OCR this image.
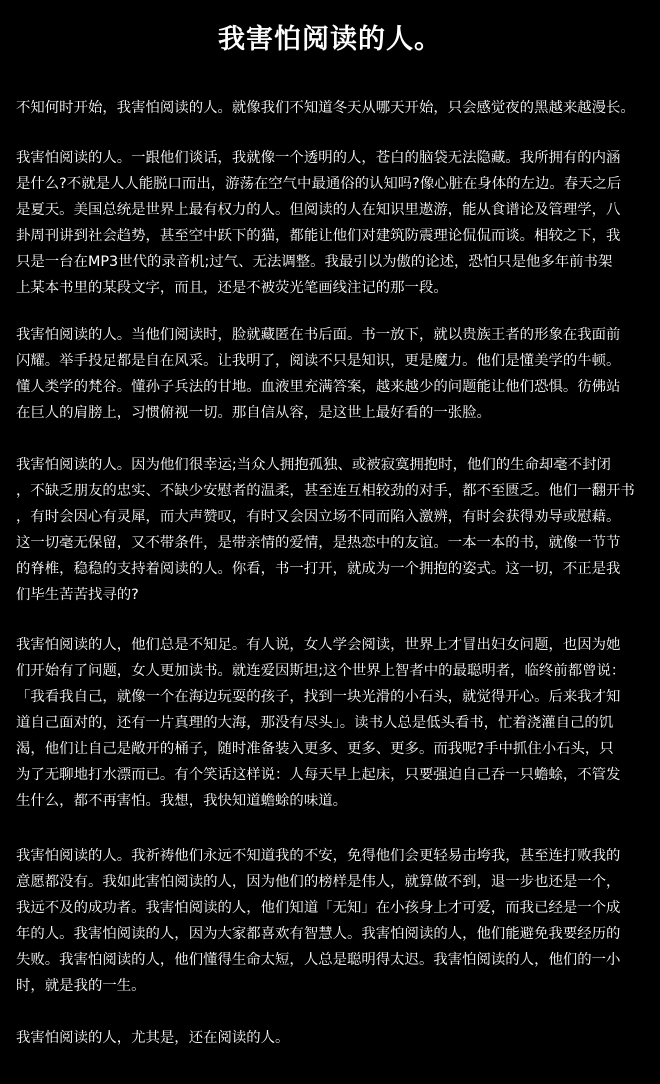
我害怕阅读的人。

不知何时开始，我害怕阅读的人。就像我们不知道冬天从哪天开始，只会感觉夜的黑越来越漫长。

我害怕阅读的人。一跟他们谈话，我就像一个透明的人，苍白的脑袋无法隐藏。我所拥有的内涵
是什么?不就是人人能脱口而出，游荡在空气中最通俗的认知吗?像心脏在身体的左边。春天之后
是夏天。美国总统是世界上最有权力的人。但阅读的人在知识里遨游，能从食谱论及管理学，八
卦周刊讲到社会趋势，甚至空中跃下的猫，都能让他们对建筑防震理论侃侃而谈。相较之下，我
只是一台在MP3世代的录音机;过气、无法调整。我最引以为傲的论述，恐怕只是他多年前书架
上某本书里的某段文字，而且，还是不被荧光笔画线注记的那一段。

我害怕阅读的人。当他们阅读时，脸就藏匿在书后面。书一放下，就以贵族王者的形象在我面前
闪耀。举手投足都是自在风采。让我明了，阅读不只是知识，更是魔力。他们是懂美学的牛顿。
懂人类学的梵谷。懂孙子兵法的甘地。血液里充满答案，越来越少的问题能让他们恐惧。彷佛站
在巨人的肩膀上，习惯俯视一切。那自信从容，是这世上最好看的一张脸。

我害怕阅读的人。因为他们很幸运;当众人拥抱孤独、或被寂寞拥抱时，他们的生命却毫不封闭
，不缺乏朋友的忠实、不缺少安慰者的温柔，甚至连互相较劲的对手，都不至匮乏。他们一翻开书
，有时会因心有灵犀，而大声赞叹，有时又会因立场不同而陷入激辨，有时会获得劝导或慰藉。
这一切毫无保留，又不带条件，是带亲情的爱情，是热恋中的友谊。一本一本的书，就像一节节
的脊椎，稳稳的支持着阅读的人。你看，书一打开，就成为一个拥抱的姿式。这一切，不正是我
们毕生苦苦找寻的?

我害怕阅读的人，他们总是不知足。有人说，女人学会阅读，世界上才冒出妇女问题，也因为她
们开始有了问题，女人更加读书。就连爱因斯坦;这个世界上智者中的最聪明者，临终前都曾说：
「我看我自己，就像一个在海边玩耍的孩子，找到一块光滑的小石头，就觉得开心。后来我才知
道自己面对的，还有一片真理的大海，那没有尽头」。读书人总是低头看书，忙着浇灌自己的饥
渴，他们让自己是敞开的桶子，随时准备装入更多、更多、更多。而我呢?手中抓住小石头，只
为了无聊地打水漂而已。有个笑话这样说：人每天早上起床，只要强迫自己吞一只蟾蜍，不管发
生什么，都不再害怕。我想，我快知道蟾蜍的味道。

我害怕阅读的人。我祈祷他们永远不知道我的不安，免得他们会更轻易击垮我，甚至连打败我的
意愿都没有。我如此害怕阅读的人，因为他们的榜样是伟人，就算做不到，退一步也还是一个，
我远不及的成功者。我害怕阅读的人，他们知道「无知」在小孩身上才可爱，而我已经是一个成
年的人。我害怕阅读的人，因为大家都喜欢有智慧人。我害怕阅读的人，他们能避免我要经历的
失败。我害怕阅读的人，他们懂得生命太短，人总是聪明得太迟。我害怕阅读的人，他们的一小
时，就是我的一生。

我害怕阅读的人，尤其是，还在阅读的人。
